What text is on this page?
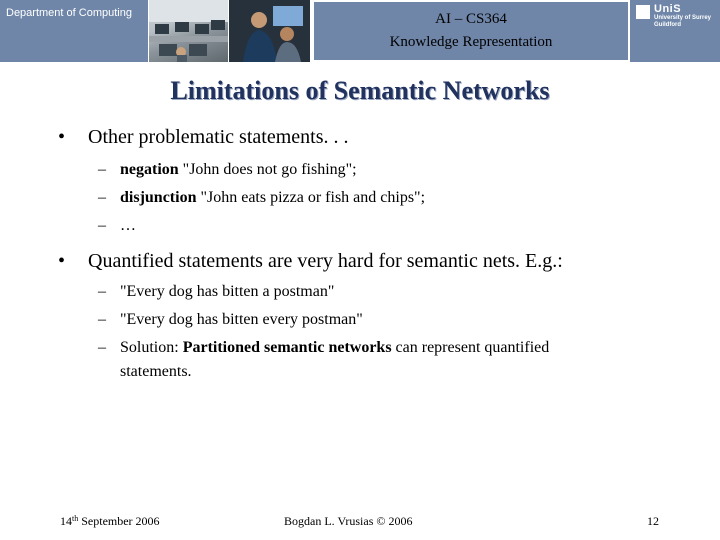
Department of Computing	AI – CS364
Knowledge Representation
UniS
University of Surrey
Guildford
Limitations of Semantic Networks
• Other problematic statements. . .
– negation "John does not go fishing";
– disjunction "John eats pizza or fish and chips";
– …
• Quantified statements are very hard for semantic nets. E.g.:
– "Every dog has bitten a postman"
– "Every dog has bitten every postman"
– Solution: Partitioned semantic networks can represent quantified
statements.
14th September 2006	Bogdan L. Vrusias © 2006	12
